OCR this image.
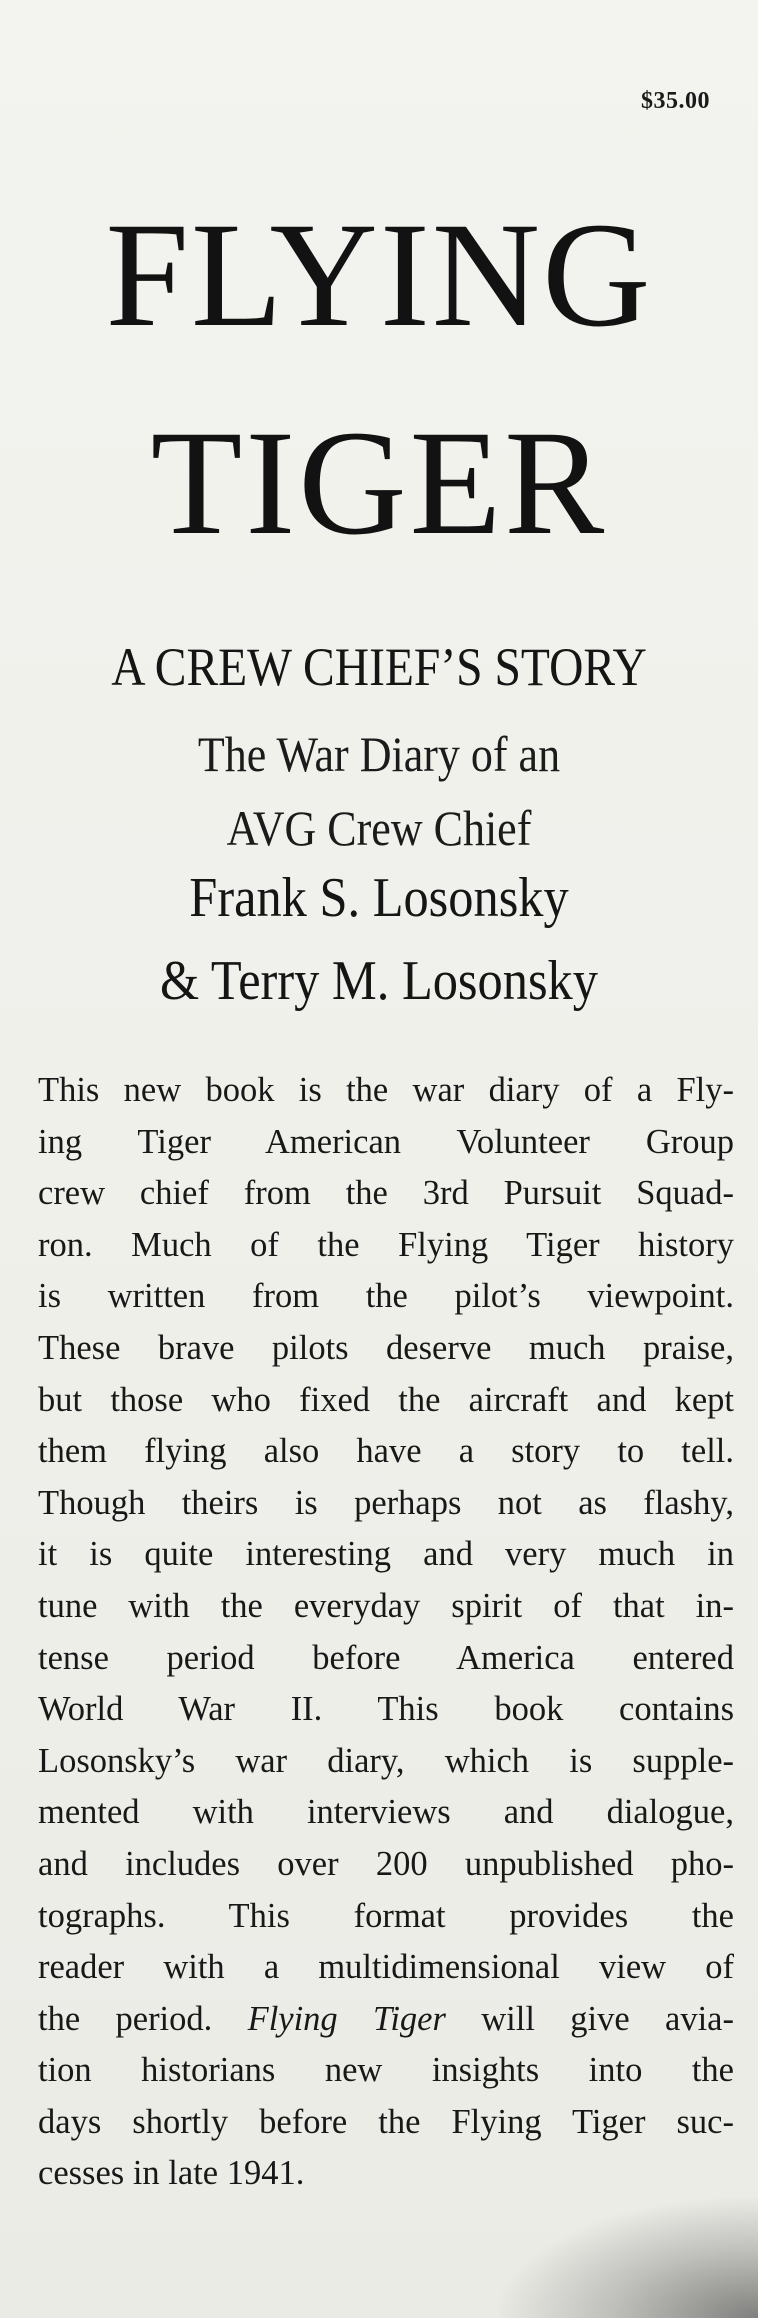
$35.00
FLYING
TIGER
A CREW CHIEF’S STORY
The War Diary of an
AVG Crew Chief
Frank S. Losonsky
& Terry M. Losonsky
This new book is the war diary of a Fly-
ing Tiger American Volunteer Group
crew chief from the 3rd Pursuit Squad-
ron. Much of the Flying Tiger history
is written from the pilot’s viewpoint.
These brave pilots deserve much praise,
but those who fixed the aircraft and kept
them flying also have a story to tell.
Though theirs is perhaps not as flashy,
it is quite interesting and very much in
tune with the everyday spirit of that in-
tense period before America entered
World War II. This book contains
Losonsky’s war diary, which is supple-
mented with interviews and dialogue,
and includes over 200 unpublished pho-
tographs. This format provides the
reader with a multidimensional view of
the period. Flying Tiger will give avia-
tion historians new insights into the
days shortly before the Flying Tiger suc-
cesses in late 1941.
